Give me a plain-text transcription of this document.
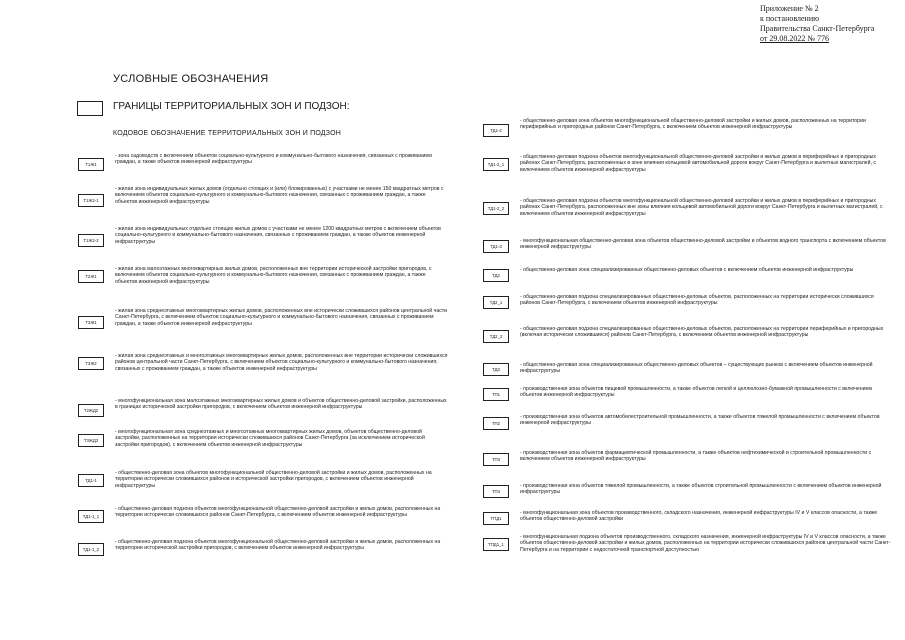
Приложение № 2
к постановлению
Правительства Санкт-Петербурга
от 29.08.2022 № 776
УСЛОВНЫЕ ОБОЗНАЧЕНИЯ
ГРАНИЦЫ ТЕРРИТОРИАЛЬНЫХ ЗОН И ПОДЗОН:
КОДОВОЕ ОБОЗНАЧЕНИЕ ТЕРРИТОРИАЛЬНЫХ ЗОН И ПОДЗОН
Т1Ж1
- зона садоводств с включением объектов социально-культурного и коммунально-бытового назначения, связанных с проживанием граждан, а также объектов инженерной инфраструктуры
Т1Ж2-1
- жилая зона индивидуальных жилых домов (отдельно стоящих и (или) блокированных) с участками не менее 150 квадратных метров с включением объектов социально-культурного и коммунально-бытового назначения, связанных с проживанием граждан, а также объектов инженерной инфраструктуры
Т1Ж2-2
- жилая зона индивидуальных отдельно стоящих жилых домов с участками не менее 1200 квадратных метров с включением объектов социально-культурного и коммунально-бытового назначения, связанных с проживанием граждан, а также объектов инженерной инфраструктуры
Т2Ж1
- жилая зона малоэтажных многоквартирных жилых домов, расположенных вне территории исторической застройки пригородов, с включением объектов социально-культурного и коммунально-бытового назначения, связанных с проживанием граждан, а также объектов инженерной инфраструктуры
Т3Ж1
- жилая зона среднеэтажных многоквартирных жилых домов, расположенных вне исторически сложившихся районов центральной части Санкт-Петербурга, с включением объектов социально-культурного и коммунально-бытового назначения, связанных с проживанием граждан, а также объектов инженерной инфраструктуры
Т3Ж2
- жилая зона среднеэтажных и многоэтажных многоквартирных жилых домов, расположенных вне территории исторически сложившихся районов центральной части Санкт-Петербурга, с включением объектов социально-культурного и коммунально-бытового назначения, связанных с проживанием граждан, а также объектов инженерной инфраструктуры
Т2ЖД2
- многофункциональная зона малоэтажных многоквартирных жилых домов и объектов общественно-деловой застройки, расположенных в границах исторической застройки пригородов, с включением объектов инженерной инфраструктуры
Т3ЖД3
- многофункциональная зона среднеэтажных и многоэтажных многоквартирных жилых домов, объектов общественно-деловой застройки, расположенных на территории исторически сложившихся районов Санкт-Петербурга (за исключением исторической застройки пригородов), с включением объектов инженерной инфраструктуры
ТД1-1
- общественно-деловая зона объектов многофункциональной общественно-деловой застройки и жилых домов, расположенных на территории исторически сложившихся районов и исторической застройки пригородов, с включением объектов инженерной инфраструктуры
ТД1-1_1
- общественно-деловая подзона объектов многофункциональной общественно-деловой застройки и жилых домов, расположенных на территории исторически сложившихся районов Санкт-Петербурга, с включением объектов инженерной инфраструктуры
ТД1-1_2
- общественно-деловая подзона объектов многофункциональной общественно-деловой застройки и жилых домов, расположенных на территории исторической застройки пригородов, с включением объектов инженерной инфраструктуры
ТД1-2
- общественно-деловая зона объектов многофункциональной общественно-деловой застройки и жилых домов, расположенных на территории периферийных и пригородных районов Санкт-Петербурга, с включением объектов инженерной инфраструктуры
ТД1-2_1
- общественно-деловая подзона объектов многофункциональной общественно-деловой застройки и жилых домов в периферийных и пригородных районах Санкт-Петербурга, расположенных в зоне влияния кольцевой автомобильной дороги вокруг Санкт-Петербурга и вылетных магистралей, с включением объектов инженерной инфраструктуры
ТД1-2_2
- общественно-деловая подзона объектов многофункциональной общественно-деловой застройки и жилых домов в периферийных и пригородных районах Санкт-Петербурга, расположенных вне зоны влияния кольцевой автомобильной дороги вокруг Санкт-Петербурга и вылетных магистралей, с включением объектов инженерной инфраструктуры
ТД1-3
- многофункциональная общественно-деловая зона объектов общественно-деловой застройки и объектов водного транспорта с включением объектов инженерной инфраструктуры
ТД2
- общественно-деловая зона специализированных общественно-деловых объектов с включением объектов инженерной инфраструктуры
ТД2_1
- общественно-деловая подзона специализированных общественно-деловых объектов, расположенных на территории исторически сложившихся районов Санкт-Петербурга, с включением объектов инженерной инфраструктуры
ТД2_2
- общественно-деловая подзона специализированных общественно-деловых объектов, расположенных на территории периферийных и пригородных (включая исторически сложившиеся) районов Санкт-Петербурга, с включением объектов инженерной инфраструктуры
ТД3
- общественно-деловая зона специализированных общественно-деловых объектов – существующих рынков с включением объектов инженерной инфраструктуры
ТП1
- производственная зона объектов пищевой промышленности, а также объектов легкой и целлюлозно-бумажной промышленности с включением объектов инженерной инфраструктуры
ТП2
- производственная зона объектов автомобилестроительной промышленности, а также объектов тяжелой промышленности с включением объектов инженерной инфраструктуры
ТП3
- производственная зона объектов фармацевтической промышленности, а также объектов нефтехимической и строительной промышленности с включением объектов инженерной инфраструктуры
ТП4
- производственная зона объектов тяжелой промышленности, а также объектов строительной промышленности с включением объектов инженерной инфраструктуры
ТПД1
- многофункциональная зона объектов производственного, складского назначения, инженерной инфраструктуры IV и V классов опасности, а также объектов общественно-деловой застройки
ТПД1_1
- многофункциональная подзона объектов производственного, складского назначения, инженерной инфраструктуры IV и V классов опасности, а также объектов общественно-деловой застройки и жилых домов, расположенных на территории исторически сложившихся районов центральной части Санкт-Петербурга и на территории с недостаточной транспортной доступностью
